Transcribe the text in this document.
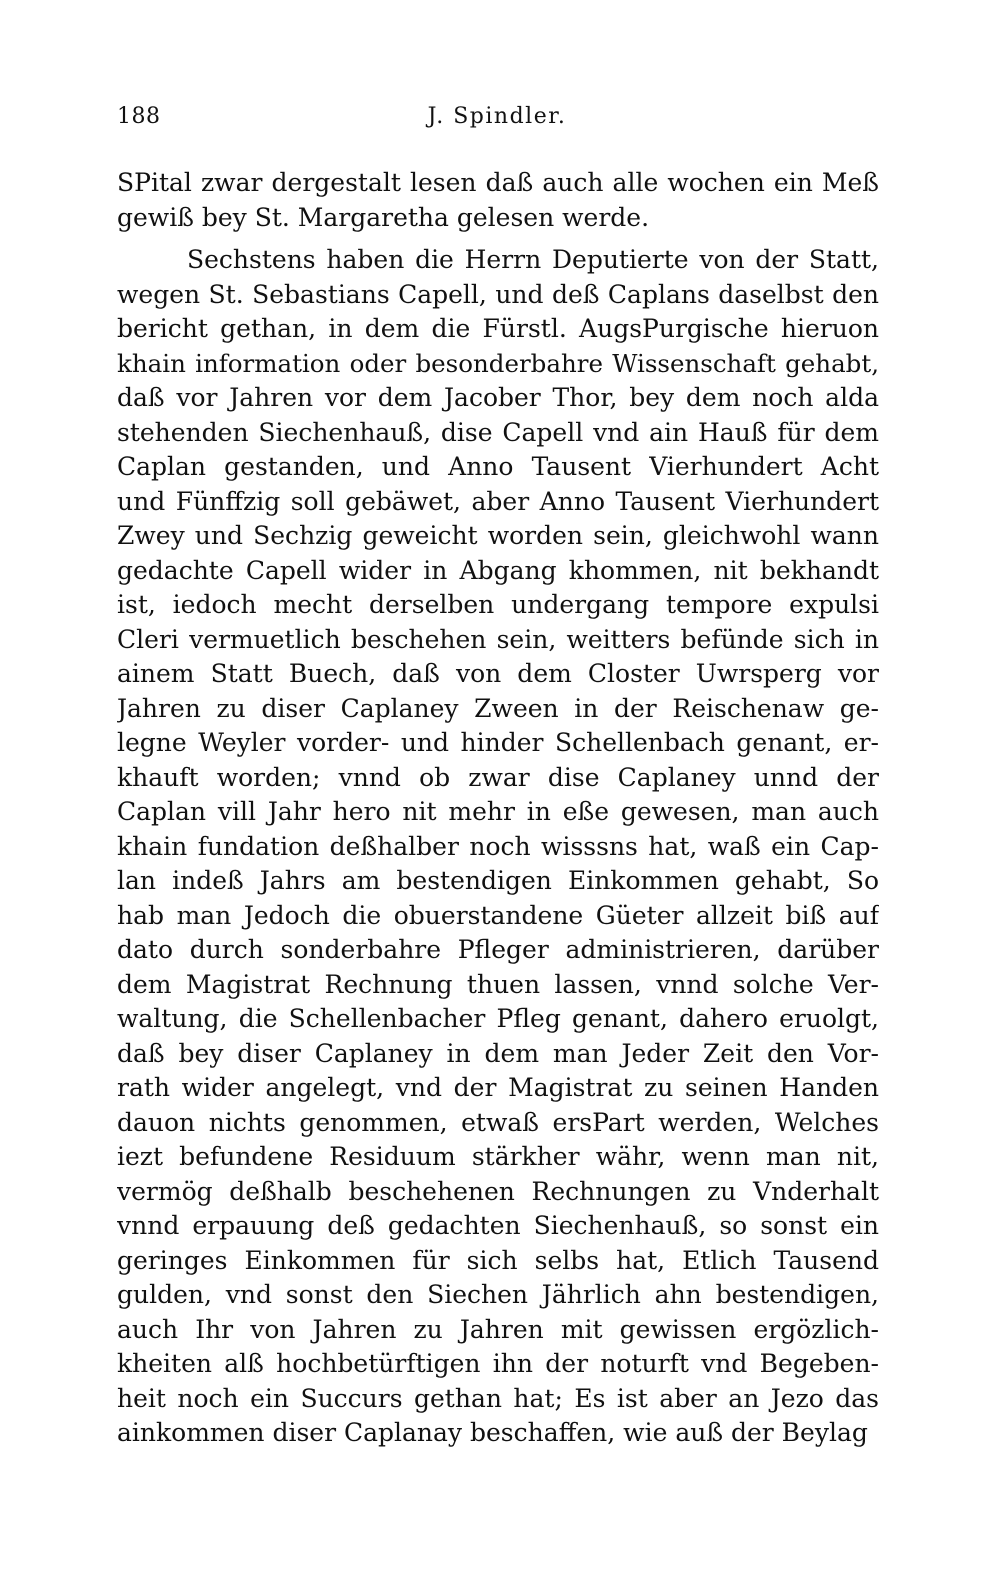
188	J. Spindler.
SPital zwar dergestalt lesen daß auch alle wochen ein Meß
gewiß bey St. Margaretha gelesen werde.
Sechstens haben die Herrn Deputierte von der Statt,
wegen St. Sebastians Capell, und deß Caplans daselbst den
bericht gethan, in dem die Fürstl. AugsPurgische hieruon
khain information oder besonderbahre Wissenschaft gehabt,
daß vor Jahren vor dem Jacober Thor, bey dem noch alda
stehenden Siechenhauß, dise Capell vnd ain Hauß für dem
Caplan gestanden, und Anno Tausent Vierhundert Acht
und Fünffzig soll gebäwet, aber Anno Tausent Vierhundert
Zwey und Sechzig geweicht worden sein, gleichwohl wann
gedachte Capell wider in Abgang khommen, nit bekhandt
ist, iedoch mecht derselben undergang tempore expulsi
Cleri vermuetlich beschehen sein, weitters befünde sich in
ainem Statt Buech, daß von dem Closter Uwrsperg vor
Jahren zu diser Caplaney Zween in der Reischenaw ge-
legne Weyler vorder- und hinder Schellenbach genant, er-
khauft worden; vnnd ob zwar dise Caplaney unnd der
Caplan vill Jahr hero nit mehr in eße gewesen, man auch
khain fundation deßhalber noch wisssns hat, waß ein Cap-
lan indeß Jahrs am bestendigen Einkommen gehabt, So
hab man Jedoch die obuerstandene Güeter allzeit biß auf
dato durch sonderbahre Pfleger administrieren, darüber
dem Magistrat Rechnung thuen lassen, vnnd solche Ver-
waltung, die Schellenbacher Pfleg genant, dahero eruolgt,
daß bey diser Caplaney in dem man Jeder Zeit den Vor-
rath wider angelegt, vnd der Magistrat zu seinen Handen
dauon nichts genommen, etwaß ersPart werden, Welches
iezt befundene Residuum stärkher währ, wenn man nit,
vermög deßhalb beschehenen Rechnungen zu Vnderhalt
vnnd erpauung deß gedachten Siechenhauß, so sonst ein
geringes Einkommen für sich selbs hat, Etlich Tausend
gulden, vnd sonst den Siechen Jährlich ahn bestendigen,
auch Ihr von Jahren zu Jahren mit gewissen ergözlich-
kheiten alß hochbetürftigen ihn der noturft vnd Begeben-
heit noch ein Succurs gethan hat; Es ist aber an Jezo das
ainkommen diser Caplanay beschaffen, wie auß der Beylag
